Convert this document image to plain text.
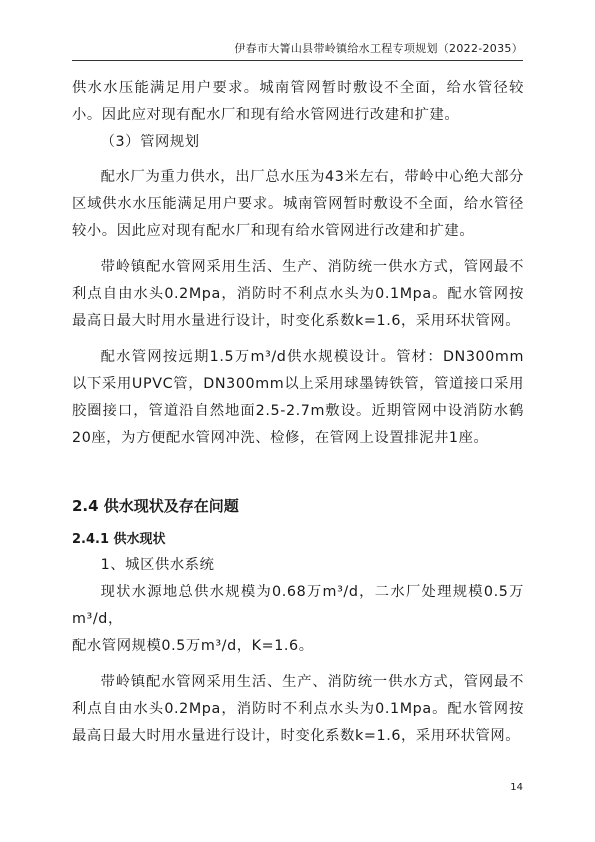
伊春市大箐山县带岭镇给水工程专项规划（2022-2035）

供水水压能满足用户要求。城南管网暂时敷设不全面，给水管径较小。因此应对现有配水厂和现有给水管网进行改建和扩建。

（3）管网规划

配水厂为重力供水，出厂总水压为43米左右，带岭中心绝大部分区域供水水压能满足用户要求。城南管网暂时敷设不全面，给水管径较小。因此应对现有配水厂和现有给水管网进行改建和扩建。

带岭镇配水管网采用生活、生产、消防统一供水方式，管网最不利点自由水头0.2Mpa，消防时不利点水头为0.1Mpa。配水管网按最高日最大时用水量进行设计，时变化系数k=1.6，采用环状管网。

配水管网按远期1.5万m³/d供水规模设计。管材：DN300mm以下采用UPVC管，DN300mm以上采用球墨铸铁管，管道接口采用胶圈接口，管道沿自然地面2.5-2.7m敷设。近期管网中设消防水鹤20座，为方便配水管网冲洗、检修，在管网上设置排泥井1座。

2.4 供水现状及存在问题
2.4.1 供水现状

1、城区供水系统

现状水源地总供水规模为0.68万m³/d，二水厂处理规模0.5万m³/d，

配水管网规模0.5万m³/d，K=1.6。

带岭镇配水管网采用生活、生产、消防统一供水方式，管网最不利点自由水头0.2Mpa，消防时不利点水头为0.1Mpa。配水管网按最高日最大时用水量进行设计，时变化系数k=1.6，采用环状管网。

14
